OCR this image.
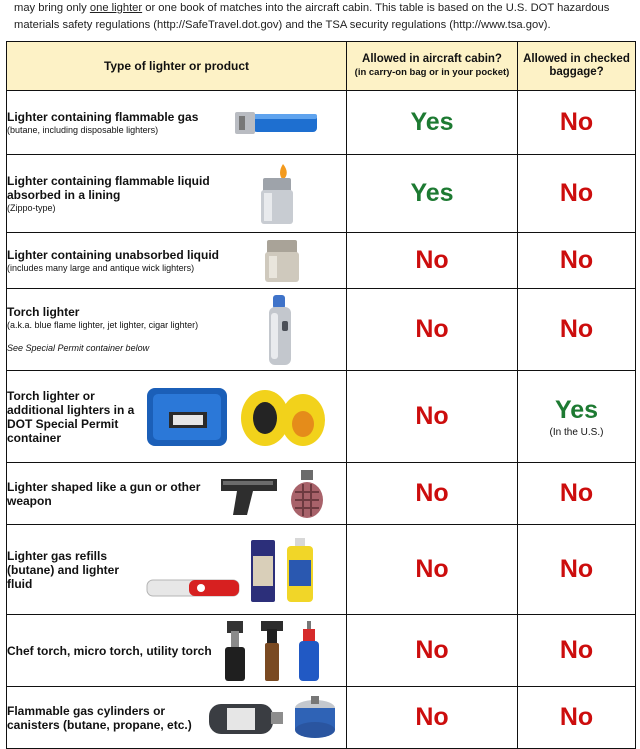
may bring only one lighter or one book of matches into the aircraft cabin. This table is based on the U.S. DOT hazardous
materials safety regulations (http://SafeTravel.dot.gov) and the TSA security regulations (http://www.tsa.gov).
Type of lighter or product	Allowed in aircraft cabin?
(in carry-on bag or in your pocket)	Allowed in checked baggage?

Lighter containing flammable gas
(butane, including disposable lighters)	Yes	No

Lighter containing flammable liquid absorbed in a lining
(Zippo-type)	Yes	No

Lighter containing unabsorbed liquid
(includes many large and antique wick lighters)	No	No

Torch lighter
(a.k.a. blue flame lighter, jet lighter, cigar lighter)
See Special Permit container below	No	No

Torch lighter or additional lighters in a DOT Special Permit container	No	Yes
(In the U.S.)

Lighter shaped like a gun or other weapon	No	No

Lighter gas refills (butane) and lighter fluid	No	No

Chef torch, micro torch, utility torch	No	No

Flammable gas cylinders or canisters (butane, propane, etc.)	No	No
